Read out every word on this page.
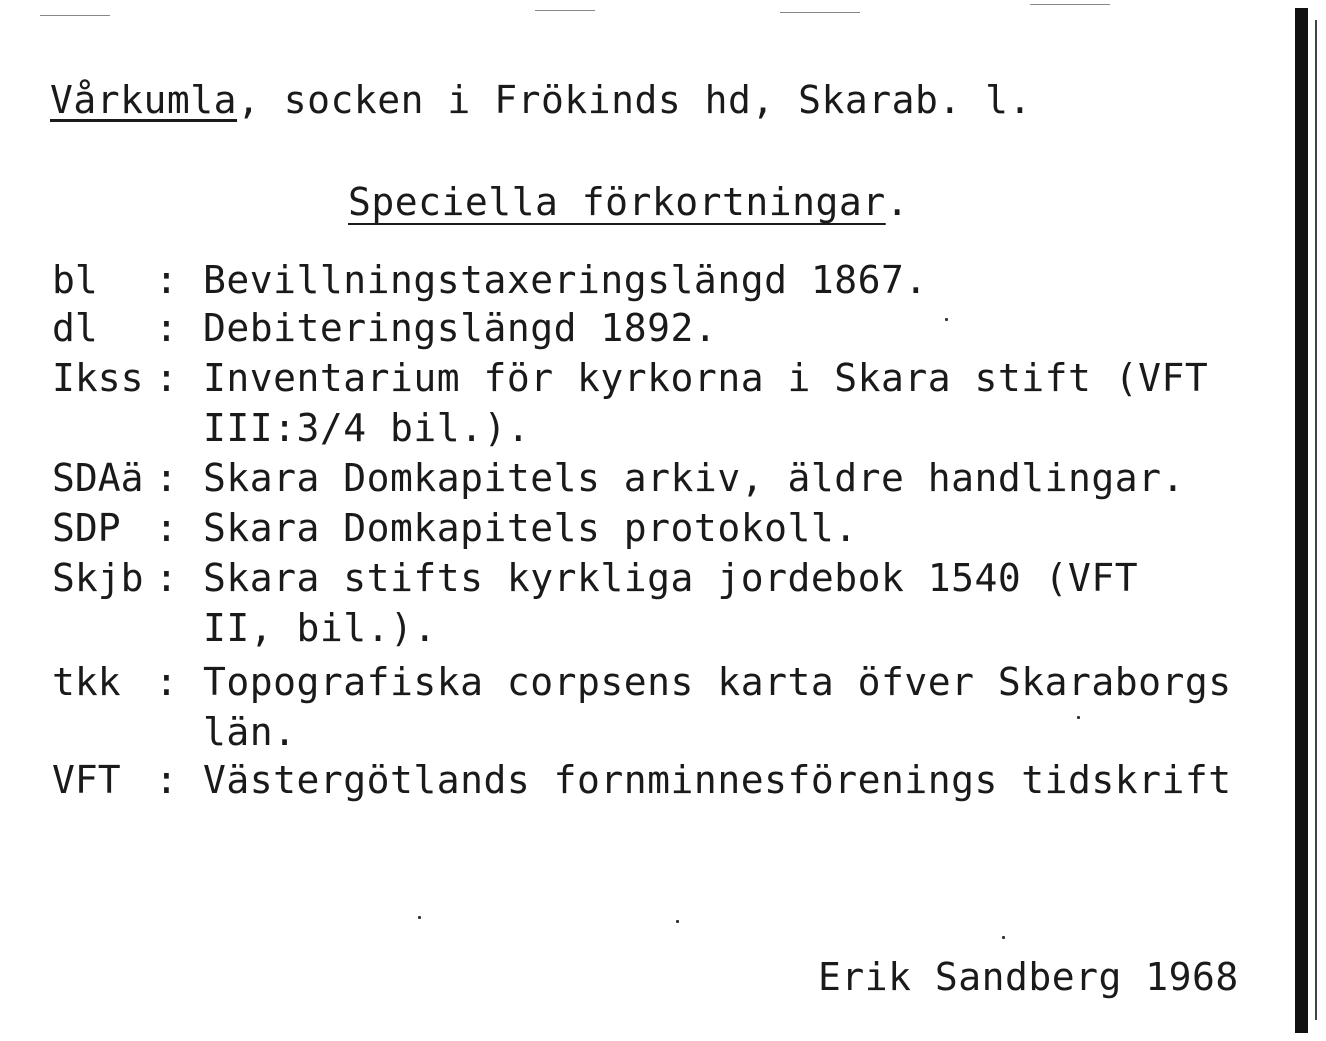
Vårkumla, socken i Frökinds hd, Skarab. l.
Speciella förkortningar.
bl : Bevillningstaxeringslängd 1867.
dl : Debiteringslängd 1892.
Ikss : Inventarium för kyrkorna i Skara stift (VFT
III:3/4 bil.).
SDAä : Skara Domkapitels arkiv, äldre handlingar.
SDP : Skara Domkapitels protokoll.
Skjb : Skara stifts kyrkliga jordebok 1540 (VFT
II, bil.).
tkk : Topografiska corpsens karta öfver Skaraborgs
län.
VFT : Västergötlands fornminnesförenings tidskrift
Erik Sandberg 1968
